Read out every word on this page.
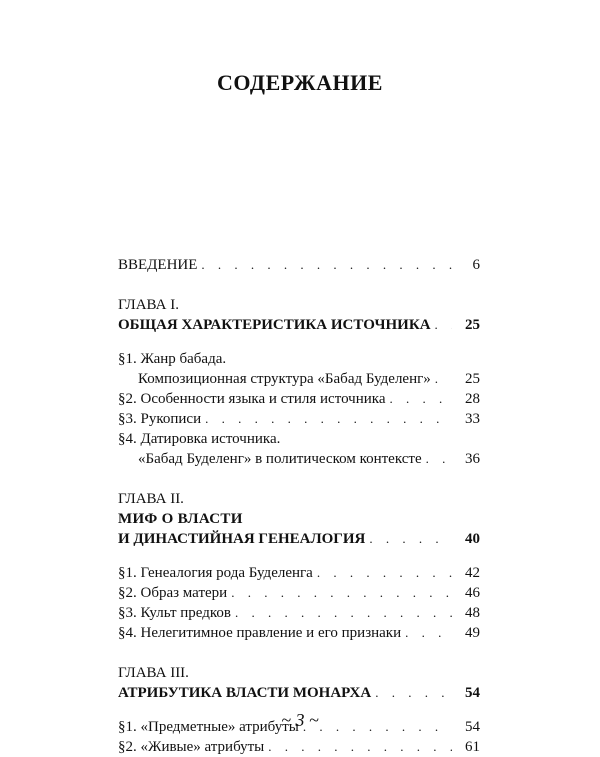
СОДЕРЖАНИЕ
ВВЕДЕНИЕ . . .	6
ГЛАВА I.
ОБЩАЯ ХАРАКТЕРИСТИКА ИСТОЧНИКА . . .	25
§1. Жанр бабада.
Композиционная структура «Бабад Буделенг» . . .	25
§2. Особенности языка и стиля источника . . .	28
§3. Рукописи . . .	33
§4. Датировка источника.
«Бабад Буделенг» в политическом контексте . . .	36
ГЛАВА II.
МИФ О ВЛАСТИ
И ДИНАСТИЙНАЯ ГЕНЕАЛОГИЯ . . .	40
§1. Генеалогия рода Буделенга . . .	42
§2. Образ матери . . .	46
§3. Культ предков . . .	48
§4. Нелегитимное правление и его признаки . . .	49
ГЛАВА III.
АТРИБУТИКА ВЛАСТИ МОНАРХА . . .	54
§1. «Предметные» атрибуты . . .	54
§2. «Живые» атрибуты . . .	61
~ 3 ~
